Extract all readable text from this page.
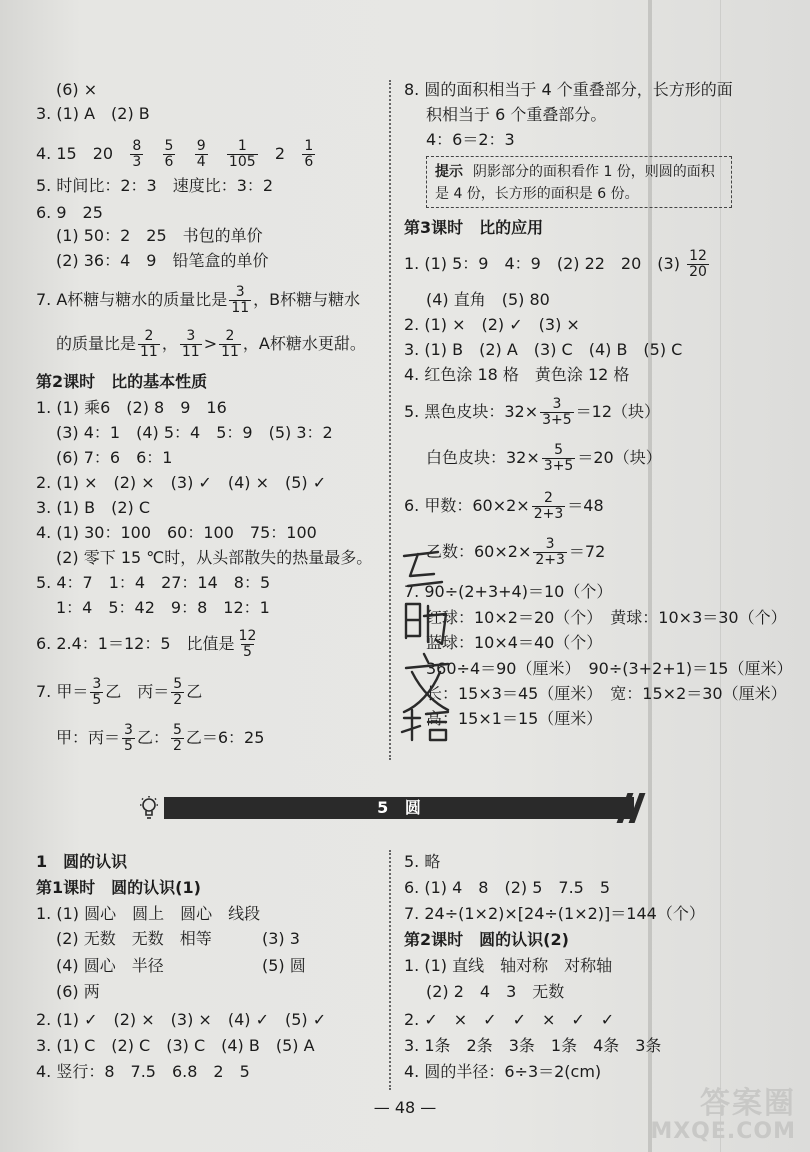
(6) ×
3. (1) A　(2) B
4. 15　$20 \frac{8}{3}$
$\frac{5}{6}$
$\frac{9}{4}$
$\frac{1}{105} 2 \frac{1}{6}$
5. 时间比：2：3　速度比：3：2
6. 9　25
(1) 50：2　25　书包的单价
(2) 36：4　9　铅笔盒的单价
7. A杯糖与糖水的质量比是 $\frac{3}{11}$ ，B杯糖与糖水
的质量比是 $\frac{2}{11}$ ， $\frac{3}{11} > \frac{2}{11}$ ，A杯糖水更甜。
第2课时　比的基本性质
1. (1) 乘6　(2) 8　9　16
(3) 4：1　(4) 5：4　5：9　(5) 3：2
(6) 7：6　6：1
2. (1) ×　(2) ×　(3) ✓　(4) ×　(5) ✓
3. (1) B　(2) C
4. (1) 30：100　60：100　75：100
(2) 零下 15 ℃时，从头部散失的热量最多。
5. 4：7　1：4　27：14　8：5
1：4　5：42　9：8　12：1
6. 2.4：1＝12：5　比值是 $\frac{12}{5}$
7. 甲＝ $\frac{3}{5}$ 乙　丙＝ $\frac{5}{2}$ 乙
甲：丙＝ $\frac{3}{5}$ 乙： $\frac{5}{2}$ 乙＝6：25
8. 圆的面积相当于 4 个重叠部分，长方形的面
积相当于 6 个重叠部分。
4：6＝2：3
提示 阴影部分的面积看作 1 份，则圆的面积
是 4 份，长方形的面积是 6 份。
第3课时　比的应用
1. (1) 5：9　4：9　(2) 22　20　$(3) \frac{12}{20}$
(4) 直角　(5) 80
2. (1) ×　(2) ✓　(3) ×
3. (1) B　(2) A　(3) C　(4) B　(5) C
4. 红色涂 18 格　黄色涂 12 格
5. 黑色皮块：$32\times \frac{3}{3+5} =12$（块）
白色皮块：$32\times \frac{5}{3+5} =20$（块）
6. 甲数：$60\times 2\times \frac{2}{2+3} =48$
乙数：$60\times 2\times \frac{3}{2+3} =72$
7. 90÷(2+3+4)＝10（个）
红球：10×2＝20（个）　黄球：10×3＝30（个）
蓝球：10×4＝40（个）
360÷4＝90（厘米）　90÷(3+2+1)＝15（厘米）
长：15×3＝45（厘米）　宽：15×2＝30（厘米）
高：15×1＝15（厘米）
5 圆
1　圆的认识
第1课时　圆的认识(1)
1. (1) 圆心　圆上　圆心　线段
(2) 无数　无数　相等	(3) 3
(4) 圆心　半径	(5) 圆
(6) 两
2. (1) ✓　(2) ×　(3) ×　(4) ✓　(5) ✓
3. (1) C　(2) C　(3) C　(4) B　(5) A
4. 竖行：8　7.5　6.8　2　5
5. 略
6. (1) 4　8　(2) 5　7.5　5
7. 24÷(1×2)×[24÷(1×2)]＝144（个）
第2课时　圆的认识(2)
1. (1) 直线　轴对称　对称轴
(2) 2　4　3　无数
2. ✓　×　✓　✓　×　✓　✓
3. 1条　2条　3条　1条　4条　3条
4. 圆的半径：6÷3＝2(cm)
— 48 —	答案圈
MXQE.COM
